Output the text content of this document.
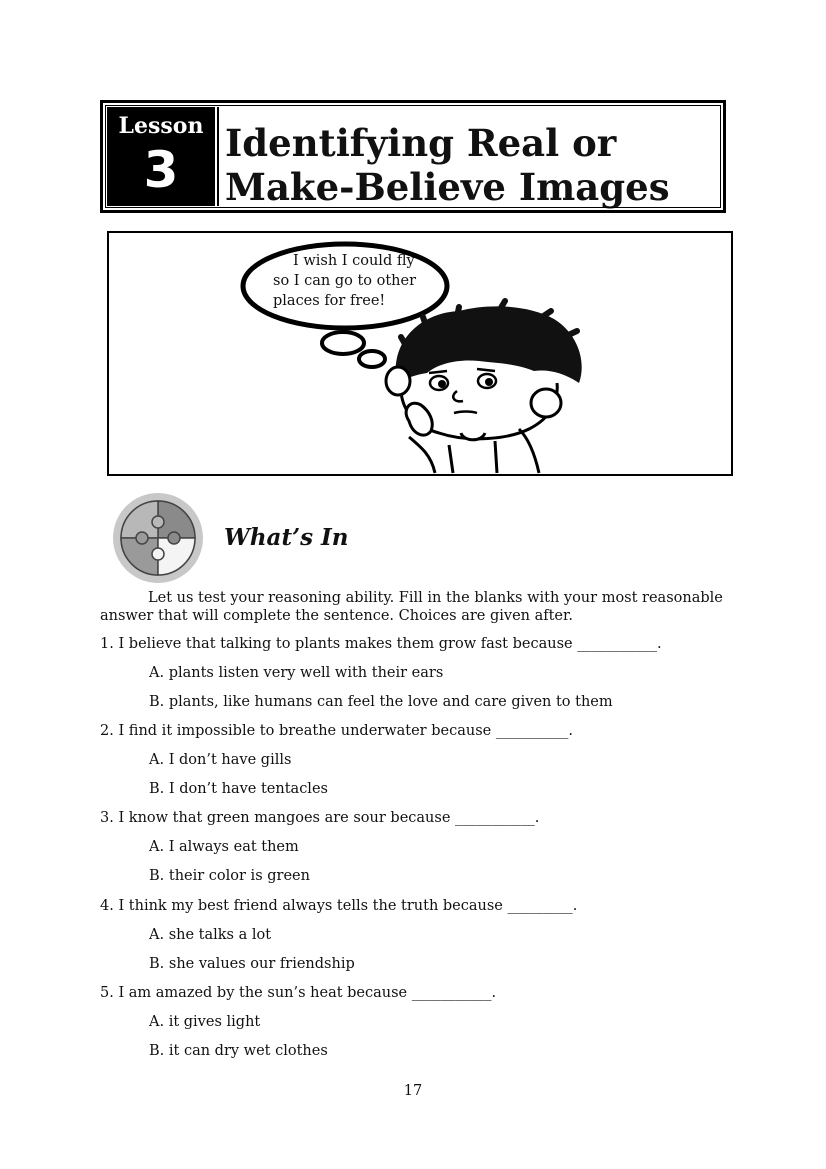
Lesson
3 Identifying Real or
Make-Believe Images
I wish I could fly
so I can go to other
places for free!
What’s In
Let us test your reasoning ability. Fill in the blanks with your most reasonable
answer that will complete the sentence. Choices are given after.
1. I believe that talking to plants makes them grow fast because ___________.
A. plants listen very well with their ears
B. plants, like humans can feel the love and care given to them
2. I find it impossible to breathe underwater because __________.
A. I don’t have gills
B. I don’t have tentacles
3. I know that green mangoes are sour because ___________.
A. I always eat them
B. their color is green
4. I think my best friend always tells the truth because _________.
A. she talks a lot
B. she values our friendship
5. I am amazed by the sun’s heat because ___________.
A. it gives light
B. it can dry wet clothes
17
